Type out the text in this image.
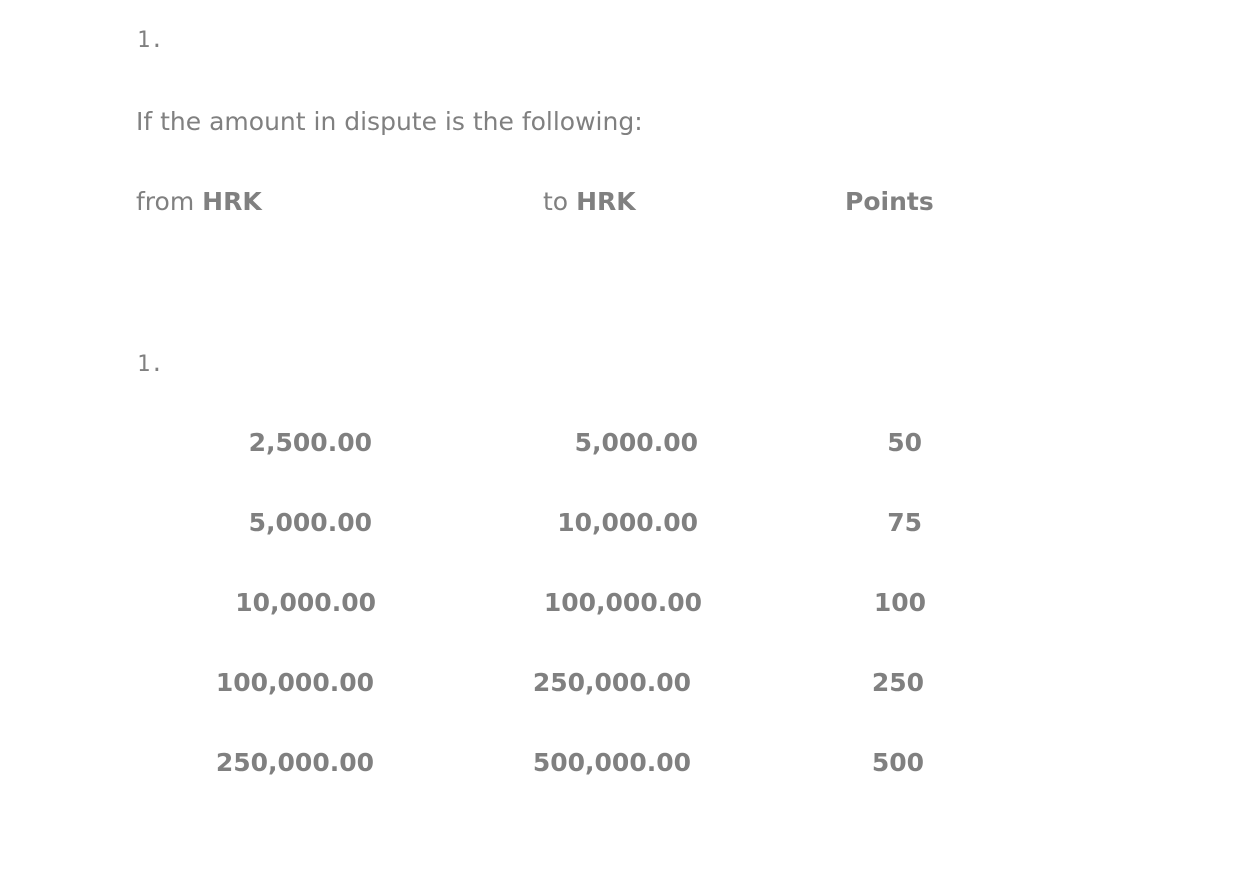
1.
If the amount in dispute is the following:
from HRK	to HRK	Points
1.
2,500.00	5,000.00	50
5,000.00	10,000.00	75
10,000.00	100,000.00	100
100,000.00	250,000.00	250
250,000.00	500,000.00	500
